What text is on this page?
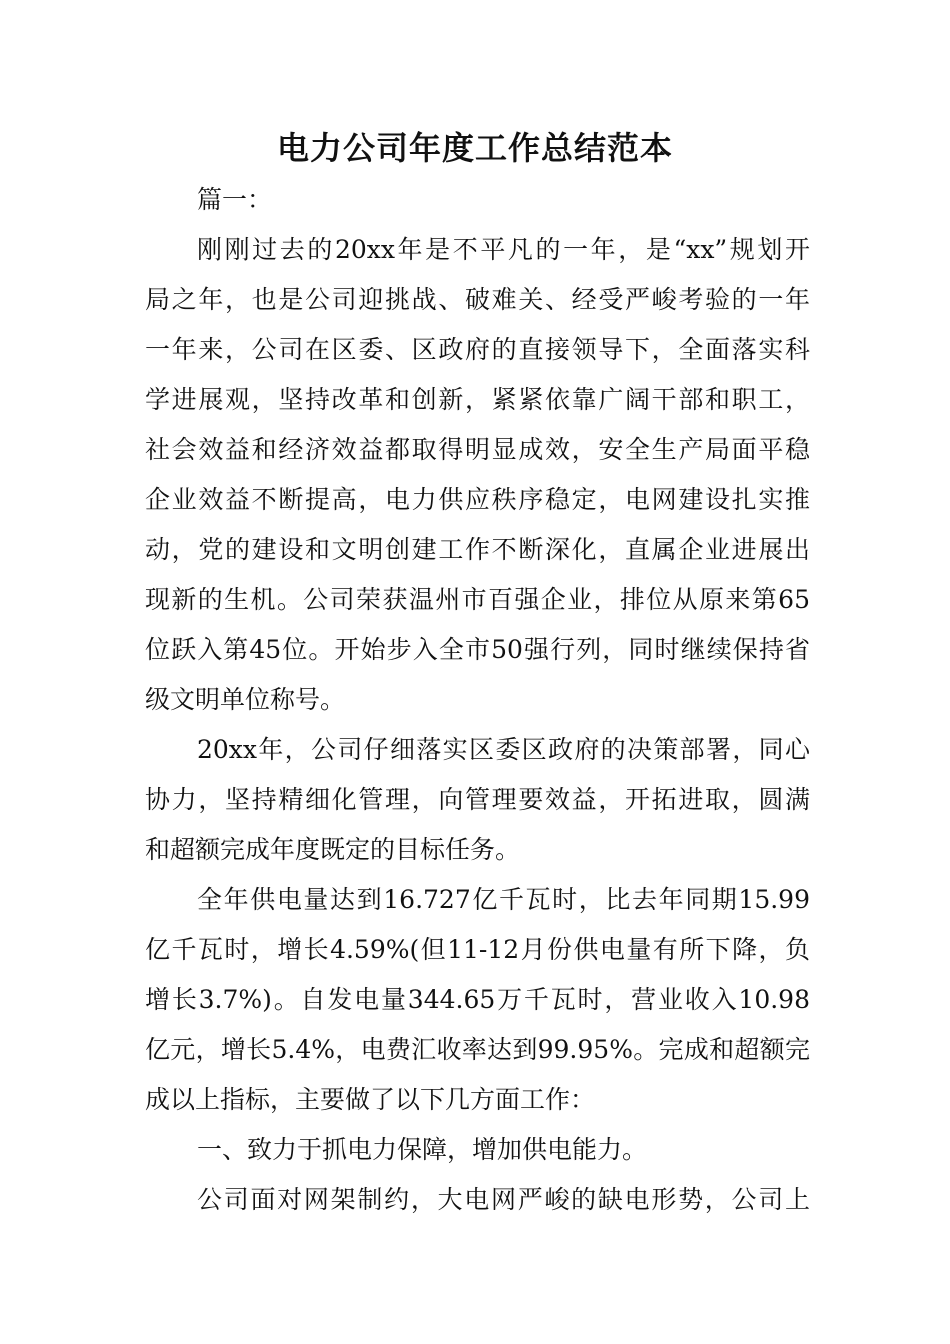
电力公司年度工作总结范本
篇一：
刚刚过去的20xx年是不平凡的一年，是“xx”规划开
局之年，也是公司迎挑战、破难关、经受严峻考验的一年
一年来，公司在区委、区政府的直接领导下，全面落实科
学进展观，坚持改革和创新，紧紧依靠广阔干部和职工，
社会效益和经济效益都取得明显成效，安全生产局面平稳
企业效益不断提高，电力供应秩序稳定，电网建设扎实推
动，党的建设和文明创建工作不断深化，直属企业进展出
现新的生机。公司荣获温州市百强企业，排位从原来第65
位跃入第45位。开始步入全市50强行列，同时继续保持省
级文明单位称号。
20xx年，公司仔细落实区委区政府的决策部署，同心
协力，坚持精细化管理，向管理要效益，开拓进取，圆满
和超额完成年度既定的目标任务。
全年供电量达到16.727亿千瓦时，比去年同期15.99
亿千瓦时，增长4.59%(但11-12月份供电量有所下降，负
增长3.7%)。自发电量344.65万千瓦时，营业收入10.98
亿元，增长5.4%，电费汇收率达到99.95%。完成和超额完
成以上指标，主要做了以下几方面工作：
一、致力于抓电力保障，增加供电能力。
公司面对网架制约，大电网严峻的缺电形势，公司上
